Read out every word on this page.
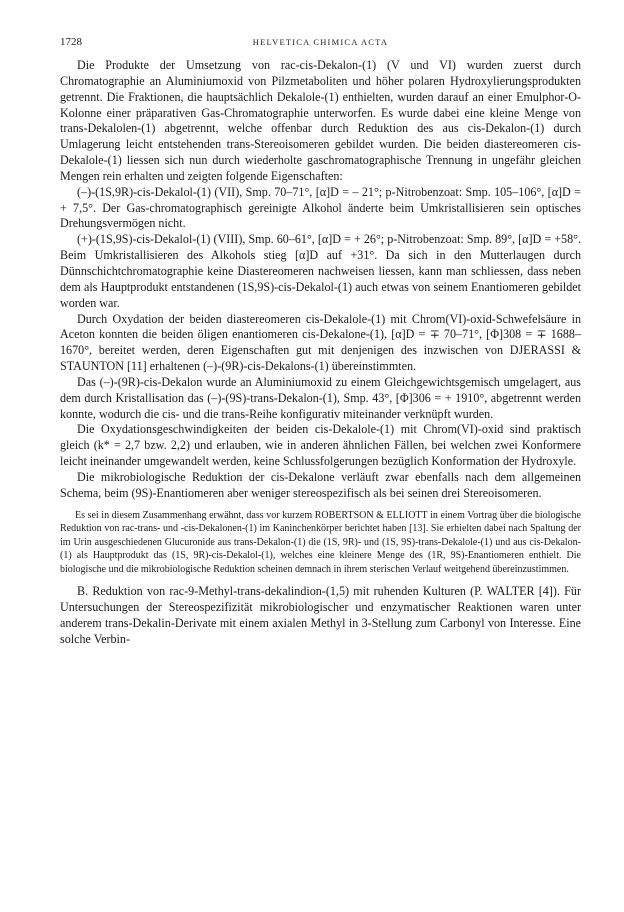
1728	HELVETICA CHIMICA ACTA

Die Produkte der Umsetzung von rac-cis-Dekalon-(1) (V und VI) wurden zuerst durch Chromatographie an Aluminiumoxid von Pilzmetaboliten und höher polaren Hydroxylierungsprodukten getrennt. Die Fraktionen, die hauptsächlich Dekalole-(1) enthielten, wurden darauf an einer Emulphor-O-Kolonne einer präparativen Gas-Chromatographie unterworfen. Es wurde dabei eine kleine Menge von trans-Dekalolen-(1) abgetrennt, welche offenbar durch Reduktion des aus cis-Dekalon-(1) durch Umlagerung leicht entstehenden trans-Stereoisomeren gebildet wurden. Die beiden diastereomeren cis-Dekalole-(1) liessen sich nun durch wiederholte gaschromatographische Trennung in ungefähr gleichen Mengen rein erhalten und zeigten folgende Eigenschaften:

(–)-(1S,9R)-cis-Dekalol-(1) (VII), Smp. 70–71°, [α]D = – 21°; p-Nitrobenzoat: Smp. 105–106°, [α]D = + 7,5°. Der Gas-chromatographisch gereinigte Alkohol änderte beim Umkristallisieren sein optisches Drehungsvermögen nicht.

(+)-(1S,9S)-cis-Dekalol-(1) (VIII), Smp. 60–61°, [α]D = + 26°; p-Nitrobenzoat: Smp. 89°, [α]D = +58°. Beim Umkristallisieren des Alkohols stieg [α]D auf +31°. Da sich in den Mutterlaugen durch Dünnschichtchromatographie keine Diastereomeren nachweisen liessen, kann man schliessen, dass neben dem als Hauptprodukt entstandenen (1S,9S)-cis-Dekalol-(1) auch etwas von seinem Enantiomeren gebildet worden war.

Durch Oxydation der beiden diastereomeren cis-Dekalole-(1) mit Chrom(VI)-oxid-Schwefelsäure in Aceton konnten die beiden öligen enantiomeren cis-Dekalone-(1), [α]D = ∓ 70–71°, [Φ]308 = ∓ 1688–1670°, bereitet werden, deren Eigenschaften gut mit denjenigen des inzwischen von DJERASSI & STAUNTON [11] erhaltenen (–)-(9R)-cis-Dekalons-(1) übereinstimmten.

Das (–)-(9R)-cis-Dekalon wurde an Aluminiumoxid zu einem Gleichgewichtsgemisch umgelagert, aus dem durch Kristallisation das (–)-(9S)-trans-Dekalon-(1), Smp. 43°, [Φ]306 = + 1910°, abgetrennt werden konnte, wodurch die cis- und die trans-Reihe konfigurativ miteinander verknüpft wurden.

Die Oxydationsgeschwindigkeiten der beiden cis-Dekalole-(1) mit Chrom(VI)-oxid sind praktisch gleich (k* = 2,7 bzw. 2,2) und erlauben, wie in anderen ähnlichen Fällen, bei welchen zwei Konformere leicht ineinander umgewandelt werden, keine Schlussfolgerungen bezüglich Konformation der Hydroxyle.

Die mikrobiologische Reduktion der cis-Dekalone verläuft zwar ebenfalls nach dem allgemeinen Schema, beim (9S)-Enantiomeren aber weniger stereospezifisch als bei seinen drei Stereoisomeren.

Es sei in diesem Zusammenhang erwähnt, dass vor kurzem ROBERTSON & ELLIOTT in einem Vortrag über die biologische Reduktion von rac-trans- und -cis-Dekalonen-(1) im Kaninchenkörper berichtet haben [13]. Sie erhielten dabei nach Spaltung der im Urin ausgeschiedenen Glucuronide aus trans-Dekalon-(1) die (1S, 9R)- und (1S, 9S)-trans-Dekalole-(1) und aus cis-Dekalon-(1) als Hauptprodukt das (1S, 9R)-cis-Dekalol-(1), welches eine kleinere Menge des (1R, 9S)-Enantiomeren enthielt. Die biologische und die mikrobiologische Reduktion scheinen demnach in ihrem sterischen Verlauf weitgehend übereinzustimmen.

B. Reduktion von rac-9-Methyl-trans-dekalindion-(1,5) mit ruhenden Kulturen (P. WALTER [4]). Für Untersuchungen der Stereospezifizität mikrobiologischer und enzymatischer Reaktionen waren unter anderem trans-Dekalin-Derivate mit einem axialen Methyl in 3-Stellung zum Carbonyl von Interesse. Eine solche Verbin-
